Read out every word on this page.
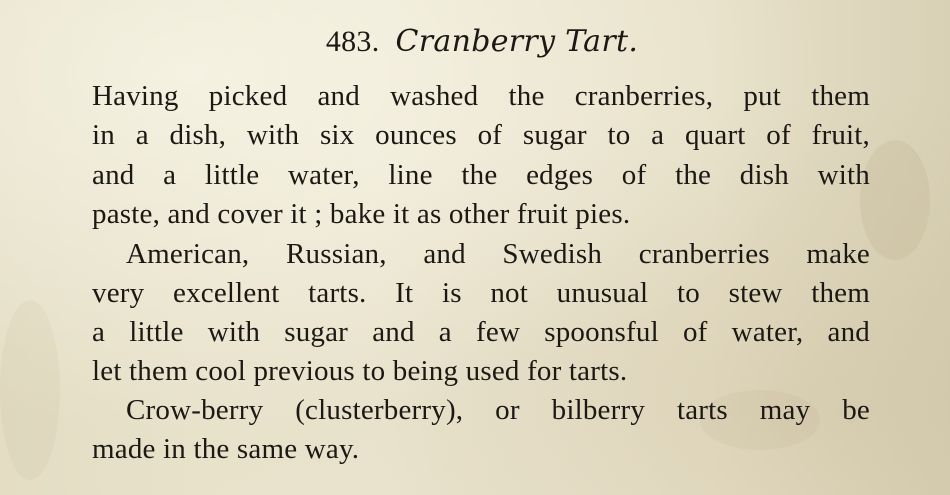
483. Cranberry Tart.
Having picked and washed the cranberries, put them
in a dish, with six ounces of sugar to a quart of fruit,
and a little water, line the edges of the dish with
paste, and cover it ; bake it as other fruit pies.
American, Russian, and Swedish cranberries make
very excellent tarts. It is not unusual to stew them
a little with sugar and a few spoonsful of water, and
let them cool previous to being used for tarts.
Crow-berry (clusterberry), or bilberry tarts may be
made in the same way.
